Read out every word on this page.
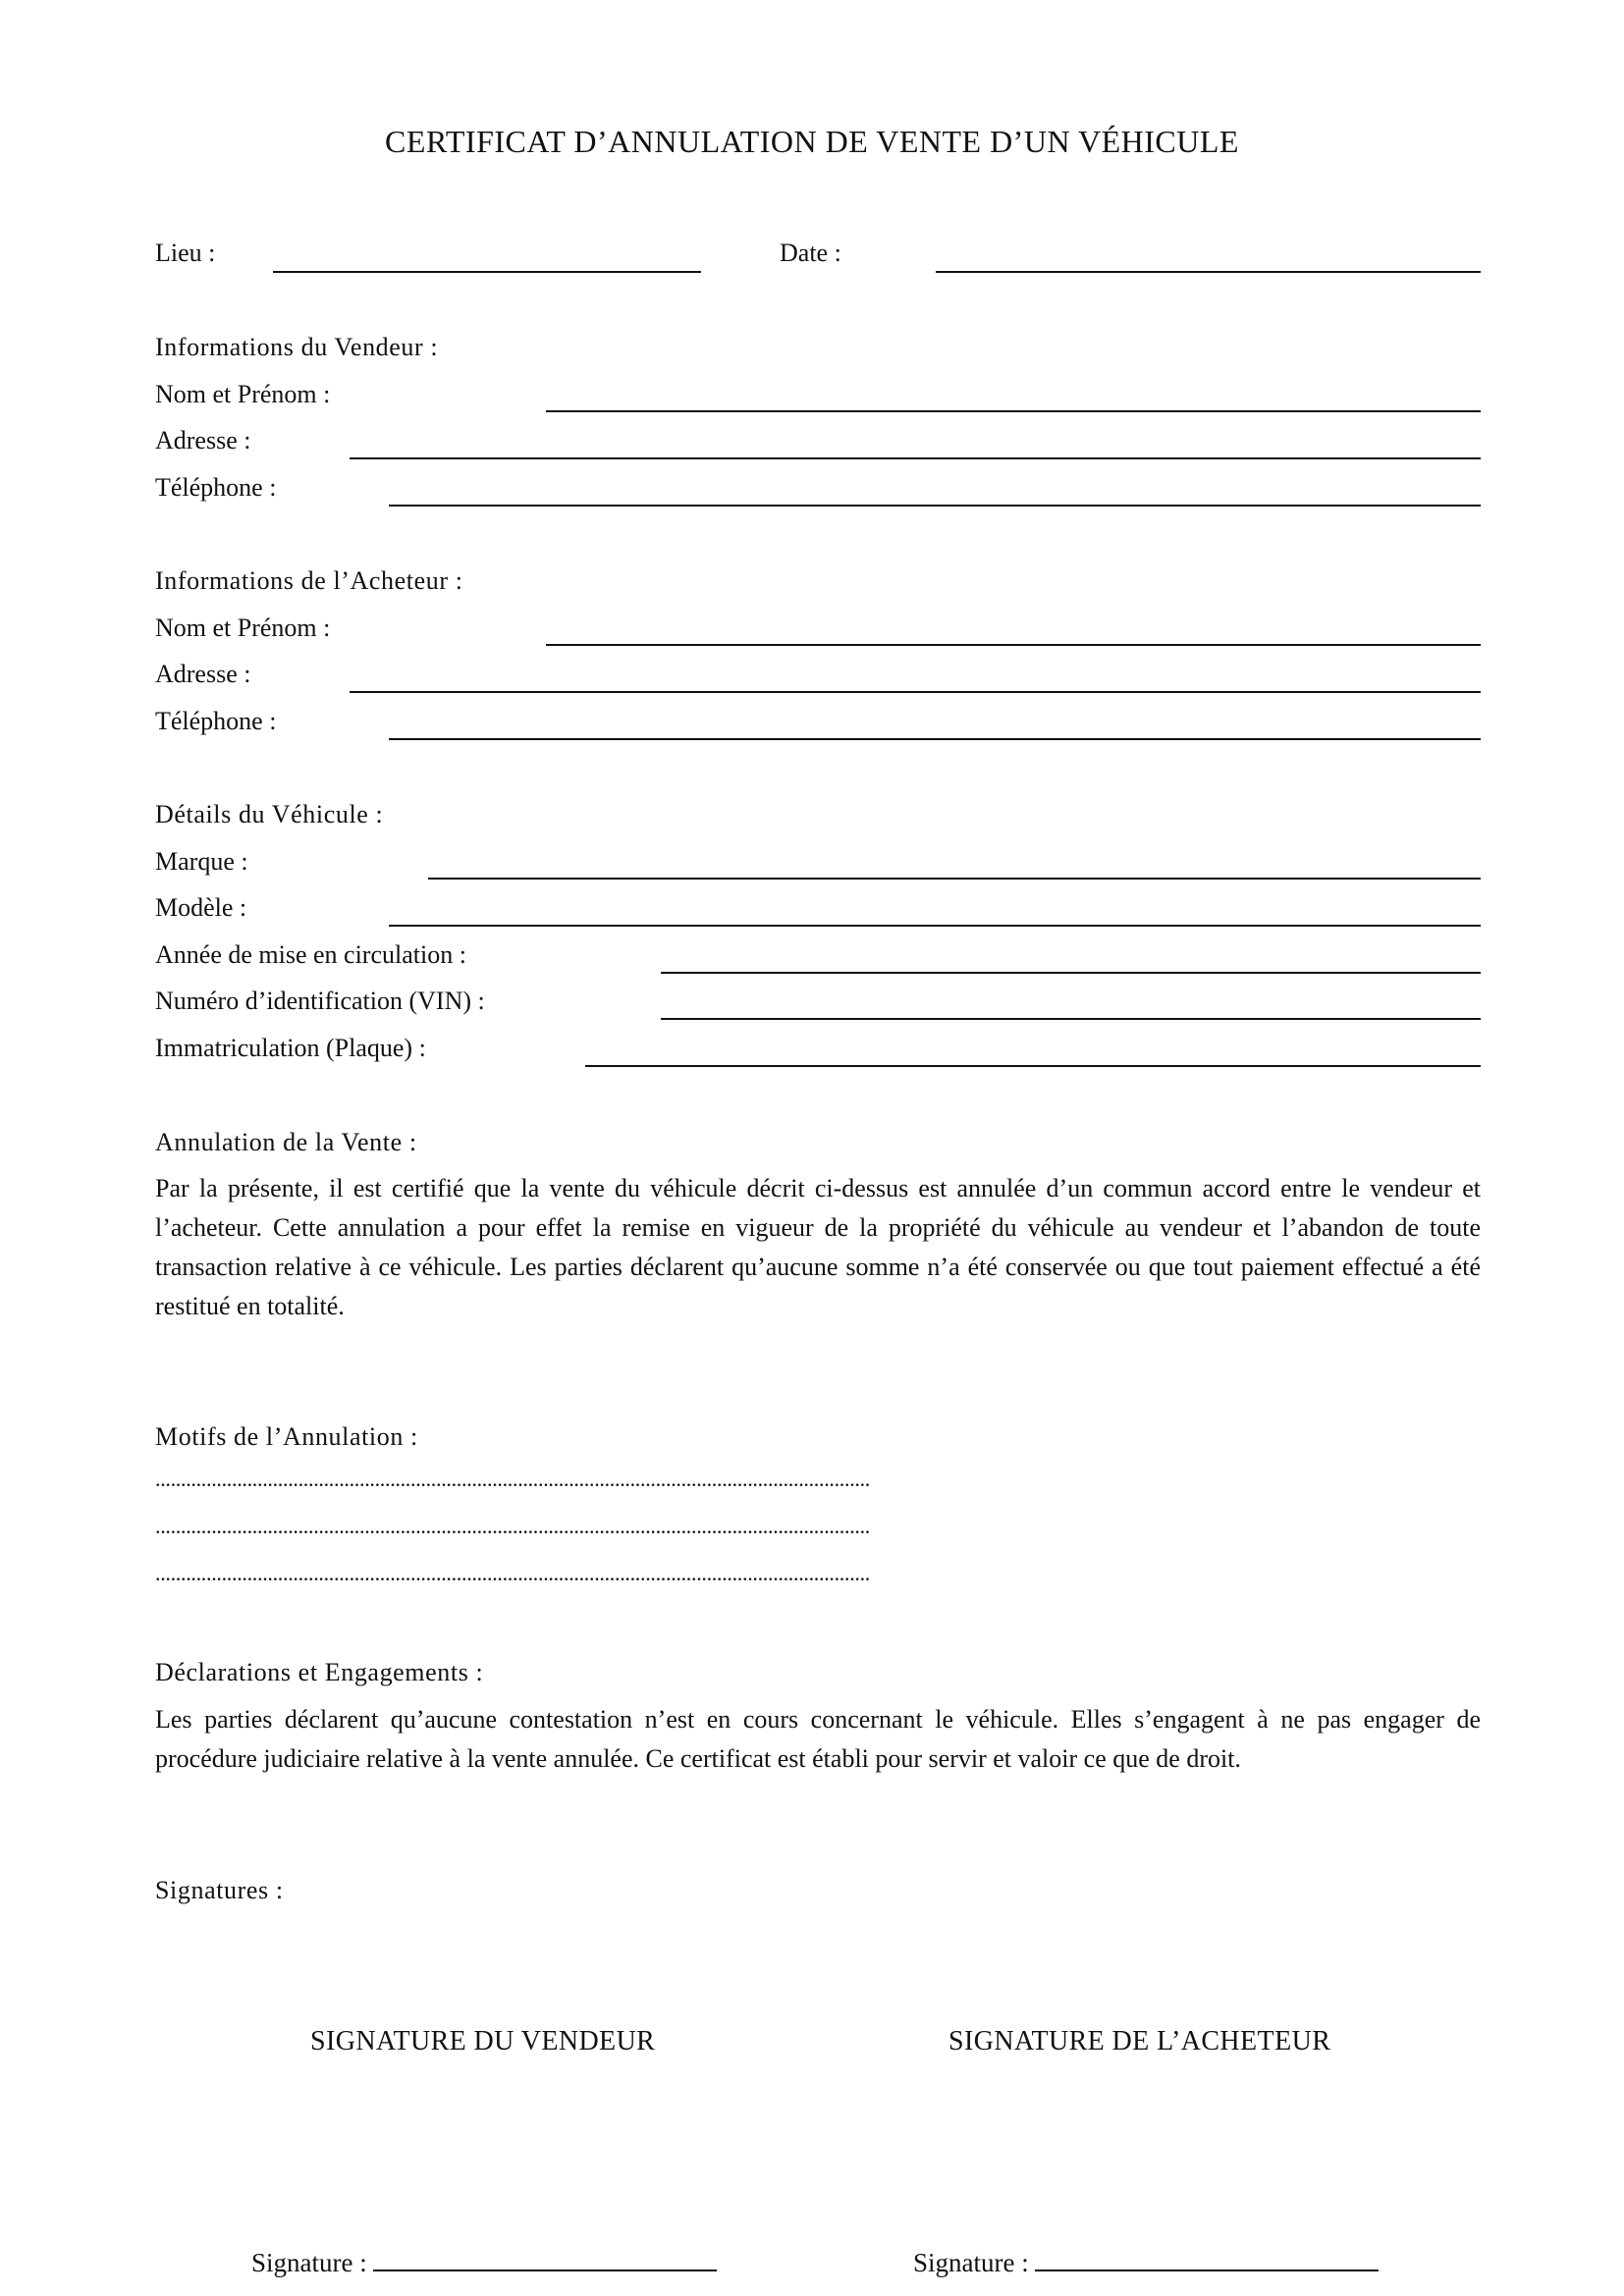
CERTIFICAT D’ANNULATION DE VENTE D’UN VÉHICULE
Lieu :	Date :
Informations du Vendeur :
Nom et Prénom :
Adresse :
Téléphone :
Informations de l’Acheteur :
Nom et Prénom :
Adresse :
Téléphone :
Détails du Véhicule :
Marque :
Modèle :
Année de mise en circulation :
Numéro d’identification (VIN) :
Immatriculation (Plaque) :
Annulation de la Vente :
Par la présente, il est certifié que la vente du véhicule décrit ci-dessus est annulée d’un commun accord entre le vendeur et l’acheteur. Cette annulation a pour effet la remise en vigueur de la propriété du véhicule au vendeur et l’abandon de toute transaction relative à ce véhicule. Les parties déclarent qu’aucune somme n’a été conservée ou que tout paiement effectué a été restitué en totalité.
Motifs de l’Annulation :
............................................................................................................................................
............................................................................................................................................
............................................................................................................................................
Déclarations et Engagements :
Les parties déclarent qu’aucune contestation n’est en cours concernant le véhicule. Elles s’engagent à ne pas engager de procédure judiciaire relative à la vente annulée. Ce certificat est établi pour servir et valoir ce que de droit.
Signatures :
SIGNATURE DU VENDEUR	SIGNATURE DE L’ACHETEUR
Signature :	Signature :
